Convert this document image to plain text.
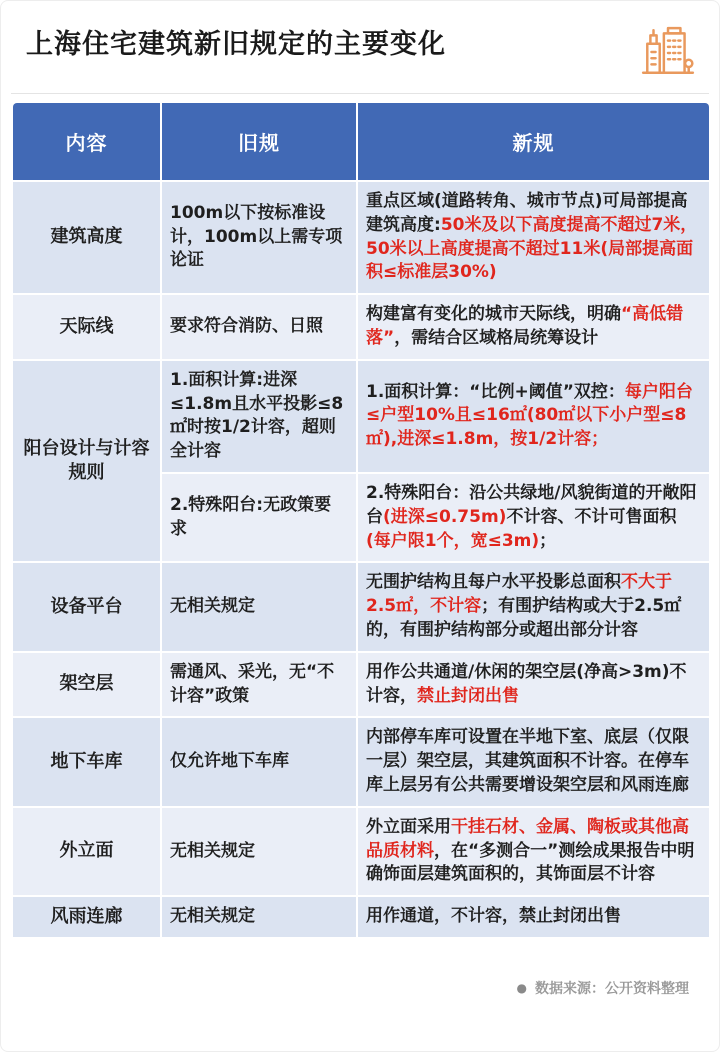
上海住宅建筑新旧规定的主要变化
内容	旧规	新规
建筑高度	100m以下按标准设计，100m以上需专项论证	重点区域(道路转角、城市节点)可局部提高建筑高度:50米及以下高度提高不超过7米，50米以上高度提高不超过11米(局部提高面积≤标准层30%)
天际线	要求符合消防、日照	构建富有变化的城市天际线，明确“高低错落”，需结合区域格局统筹设计
阳台设计与计容规则	1.面积计算:进深≤1.8m且水平投影≤8㎡时按1/2计容，超则全计容	1.面积计算：“比例+阈值”双控：每户阳台≤户型10%且≤16㎡(80㎡以下小户型≤8㎡),进深≤1.8m，按1/2计容；
	2.特殊阳台:无政策要求	2.特殊阳台：沿公共绿地/风貌街道的开敞阳台(进深≤0.75m)不计容、不计可售面积(每户限1个，宽≤3m)；
设备平台	无相关规定	无围护结构且每户水平投影总面积不大于2.5㎡，不计容；有围护结构或大于2.5㎡的，有围护结构部分或超出部分计容
架空层	需通风、采光，无“不计容”政策	用作公共通道/休闲的架空层(净高>3m)不计容，禁止封闭出售
地下车库	仅允许地下车库	内部停车库可设置在半地下室、底层（仅限一层）架空层，其建筑面积不计容。在停车库上层另有公共需要增设架空层和风雨连廊
外立面	无相关规定	外立面采用干挂石材、金属、陶板或其他高品质材料，在“多测合一”测绘成果报告中明确饰面层建筑面积的，其饰面层不计容
风雨连廊	无相关规定	用作通道，不计容，禁止封闭出售
● 数据来源：公开资料整理
